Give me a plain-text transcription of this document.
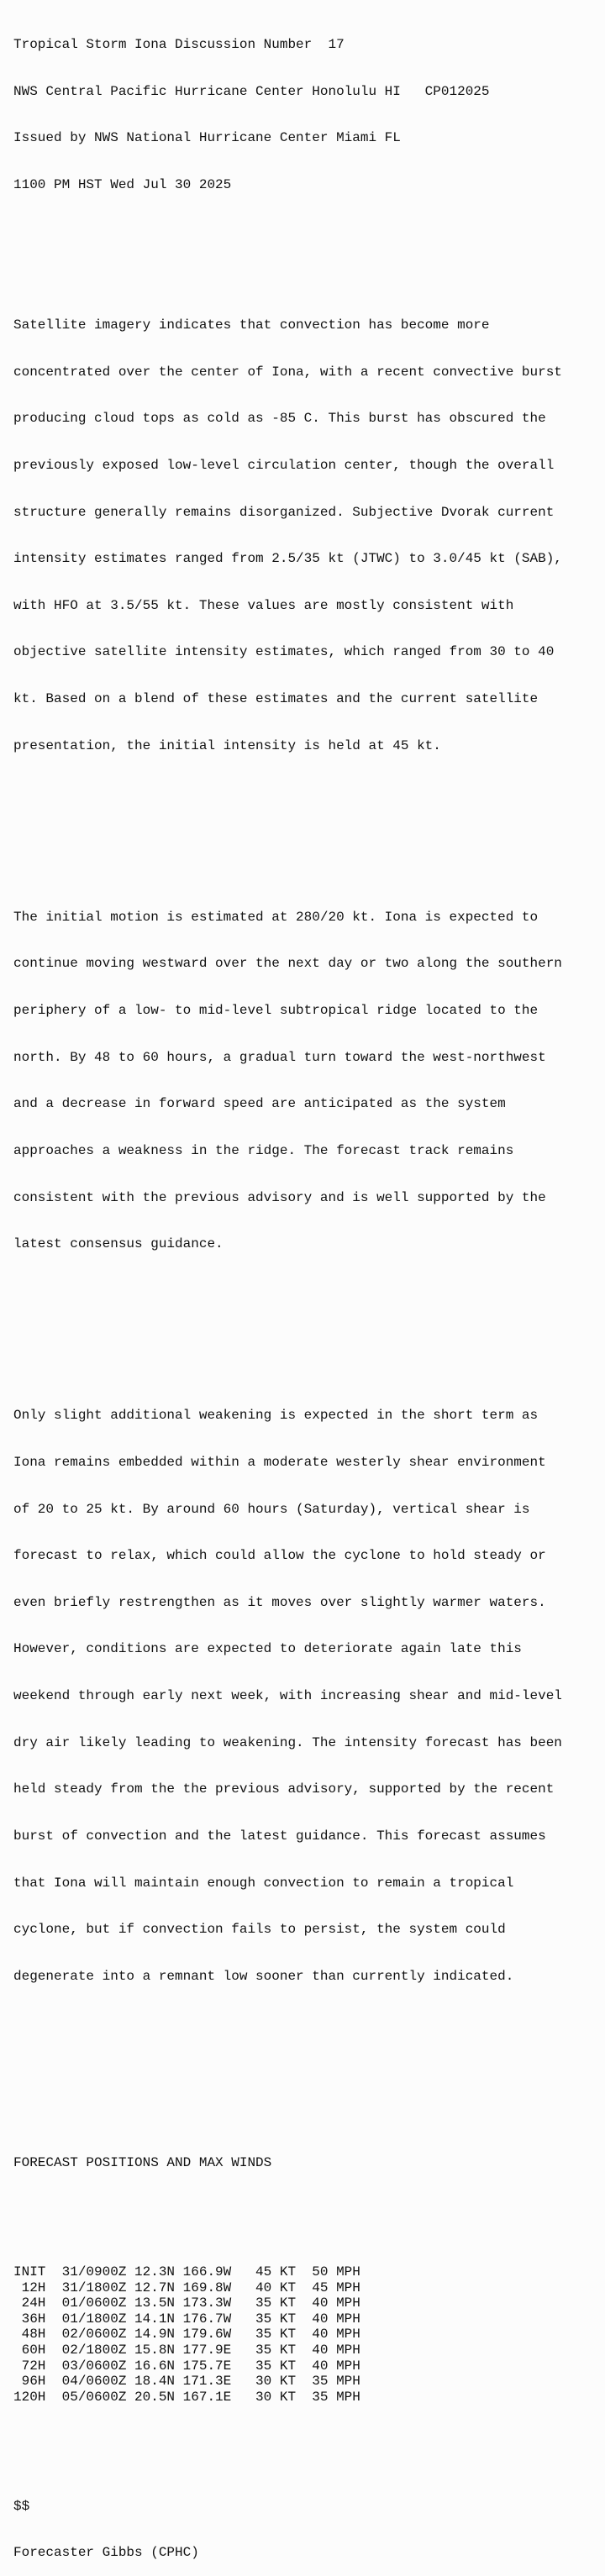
Tropical Storm Iona Discussion Number  17

NWS Central Pacific Hurricane Center Honolulu HI   CP012025

Issued by NWS National Hurricane Center Miami FL

1100 PM HST Wed Jul 30 2025

Satellite imagery indicates that convection has become more

concentrated over the center of Iona, with a recent convective burst

producing cloud tops as cold as -85 C. This burst has obscured the

previously exposed low-level circulation center, though the overall

structure generally remains disorganized. Subjective Dvorak current

intensity estimates ranged from 2.5/35 kt (JTWC) to 3.0/45 kt (SAB),

with HFO at 3.5/55 kt. These values are mostly consistent with

objective satellite intensity estimates, which ranged from 30 to 40

kt. Based on a blend of these estimates and the current satellite

presentation, the initial intensity is held at 45 kt.

The initial motion is estimated at 280/20 kt. Iona is expected to

continue moving westward over the next day or two along the southern

periphery of a low- to mid-level subtropical ridge located to the

north. By 48 to 60 hours, a gradual turn toward the west-northwest

and a decrease in forward speed are anticipated as the system

approaches a weakness in the ridge. The forecast track remains

consistent with the previous advisory and is well supported by the

latest consensus guidance.

Only slight additional weakening is expected in the short term as

Iona remains embedded within a moderate westerly shear environment

of 20 to 25 kt. By around 60 hours (Saturday), vertical shear is

forecast to relax, which could allow the cyclone to hold steady or

even briefly restrengthen as it moves over slightly warmer waters.

However, conditions are expected to deteriorate again late this

weekend through early next week, with increasing shear and mid-level

dry air likely leading to weakening. The intensity forecast has been

held steady from the the previous advisory, supported by the recent

burst of convection and the latest guidance. This forecast assumes

that Iona will maintain enough convection to remain a tropical

cyclone, but if convection fails to persist, the system could

degenerate into a remnant low sooner than currently indicated.

FORECAST POSITIONS AND MAX WINDS

INIT  31/0900Z 12.3N 166.9W   45 KT  50 MPH
12H  31/1800Z 12.7N 169.8W   40 KT  45 MPH
24H  01/0600Z 13.5N 173.3W   35 KT  40 MPH
36H  01/1800Z 14.1N 176.7W   35 KT  40 MPH
48H  02/0600Z 14.9N 179.6W   35 KT  40 MPH
60H  02/1800Z 15.8N 177.9E   35 KT  40 MPH
72H  03/0600Z 16.6N 175.7E   35 KT  40 MPH
96H  04/0600Z 18.4N 171.3E   30 KT  35 MPH
120H  05/0600Z 20.5N 167.1E   30 KT  35 MPH

$$

Forecaster Gibbs (CPHC)
